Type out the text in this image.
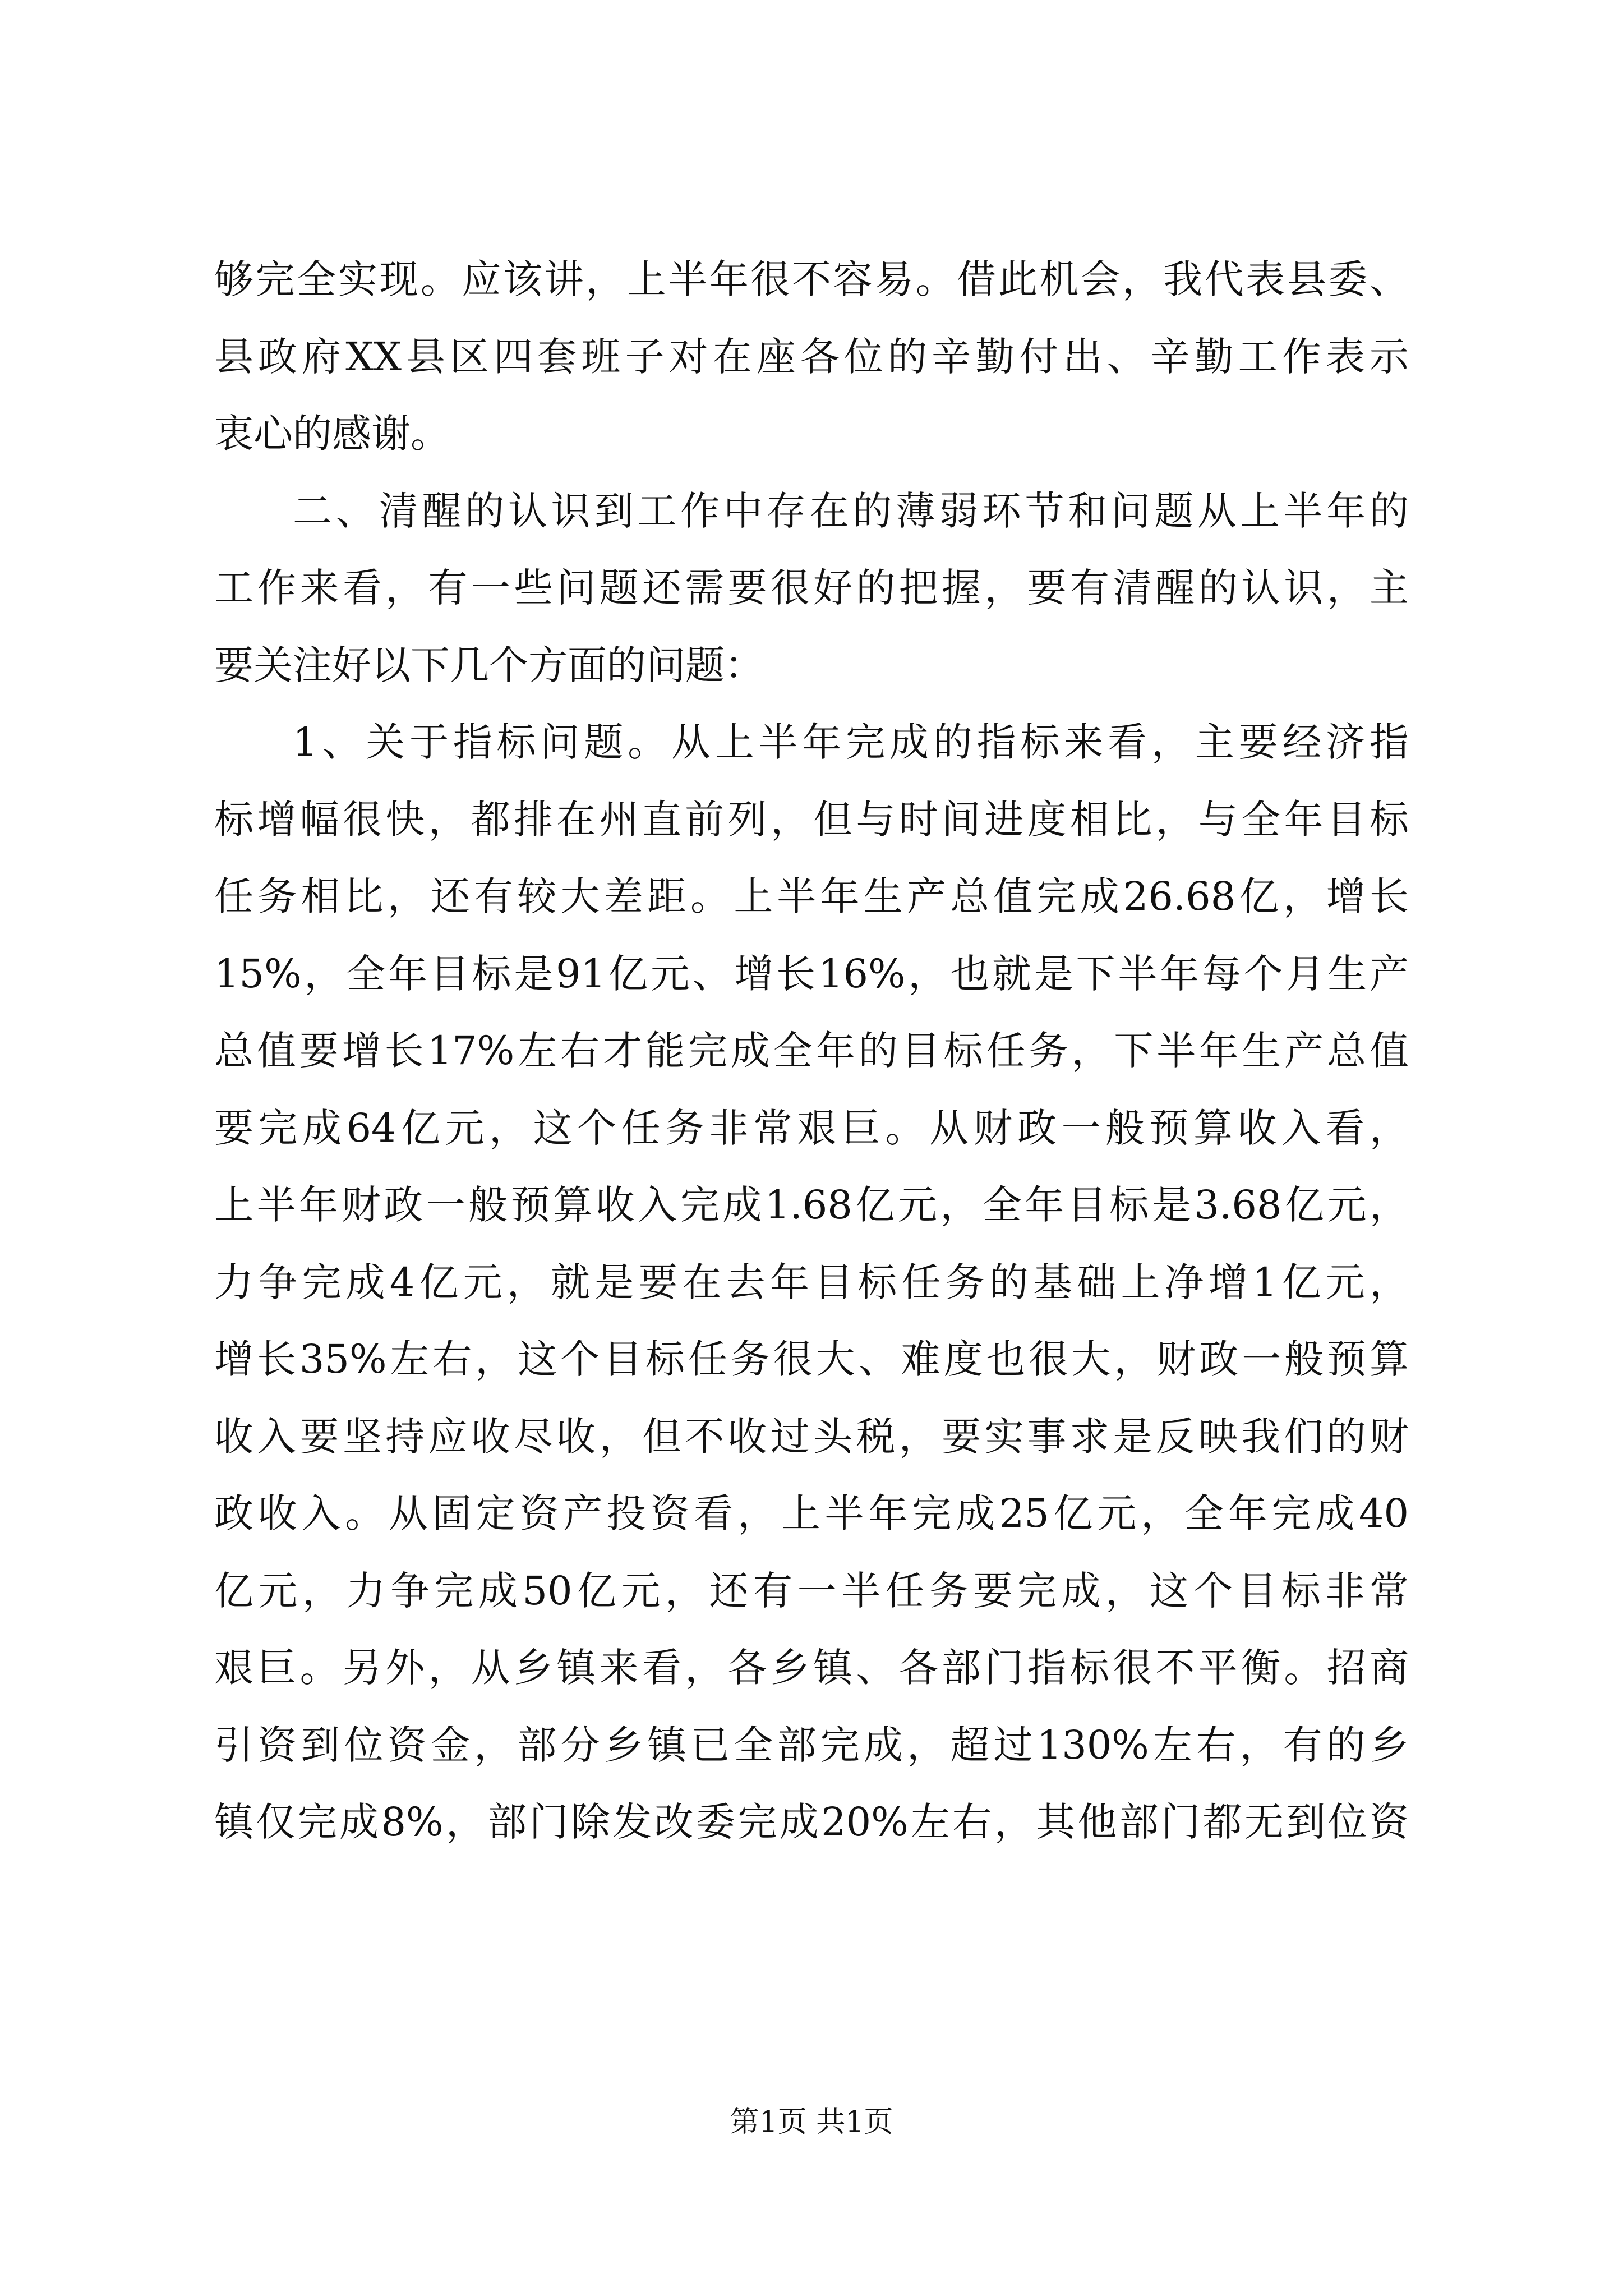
够完全实现。应该讲，上半年很不容易。借此机会，我代表县委、
县政府XX县区四套班子对在座各位的辛勤付出、辛勤工作表示
衷心的感谢。
二、清醒的认识到工作中存在的薄弱环节和问题从上半年的
工作来看，有一些问题还需要很好的把握，要有清醒的认识，主
要关注好以下几个方面的问题：
1、关于指标问题。从上半年完成的指标来看，主要经济指
标增幅很快，都排在州直前列，但与时间进度相比，与全年目标
任务相比，还有较大差距。上半年生产总值完成26.68亿，增长
15%，全年目标是91亿元、增长16%，也就是下半年每个月生产
总值要增长17%左右才能完成全年的目标任务，下半年生产总值
要完成64亿元，这个任务非常艰巨。从财政一般预算收入看，
上半年财政一般预算收入完成1.68亿元，全年目标是3.68亿元，
力争完成4亿元，就是要在去年目标任务的基础上净增1亿元，
增长35%左右，这个目标任务很大、难度也很大，财政一般预算
收入要坚持应收尽收，但不收过头税，要实事求是反映我们的财
政收入。从固定资产投资看，上半年完成25亿元，全年完成40
亿元，力争完成50亿元，还有一半任务要完成，这个目标非常
艰巨。另外，从乡镇来看，各乡镇、各部门指标很不平衡。招商
引资到位资金，部分乡镇已全部完成，超过130%左右，有的乡
镇仅完成8%，部门除发改委完成20%左右，其他部门都无到位资
第1页 共1页
